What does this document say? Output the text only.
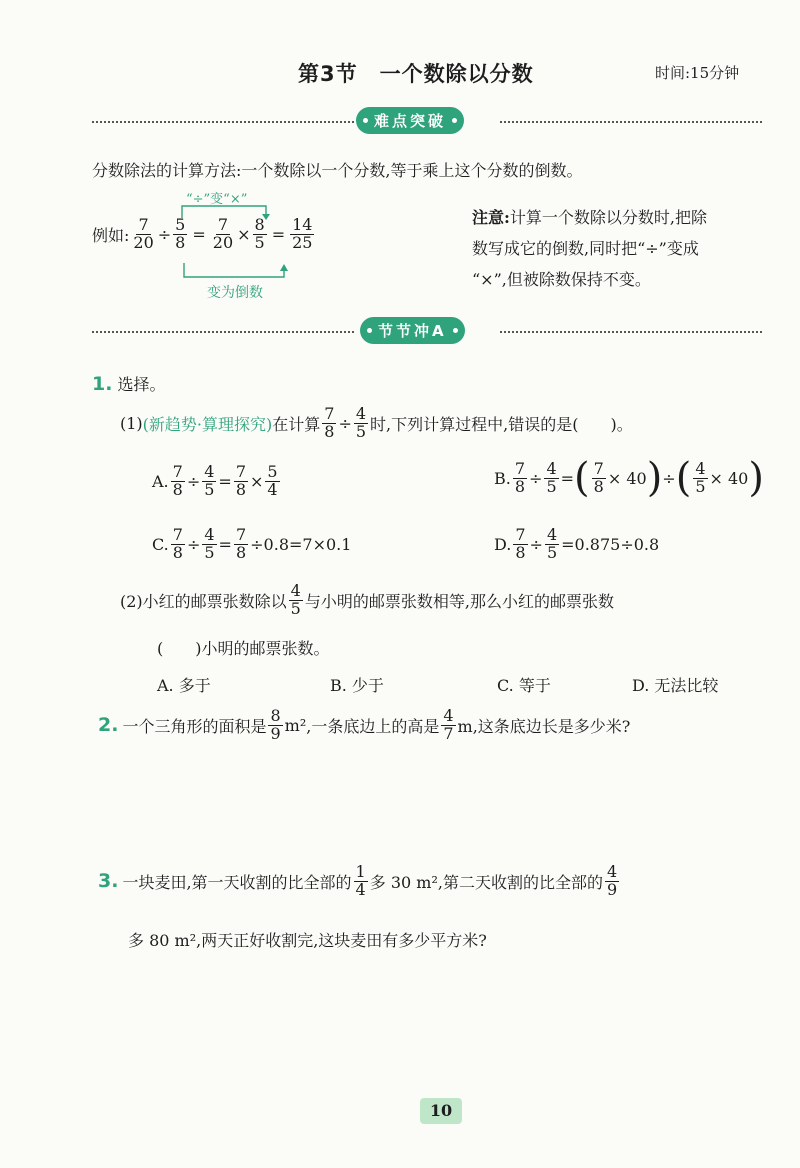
第3节　一个数除以分数	时间:15分钟
难点突破
分数除法的计算方法:一个数除以一个分数,等于乘上这个分数的倒数。
“÷”变“×”
例如: $\frac{7}{20} \div \frac{5}{8} = \frac{7}{20} \times \frac{8}{5} = \frac{14}{25}$
变为倒数
注意:计算一个数除以分数时,把除
数写成它的倒数,同时把“÷”变成
“×”,但被除数保持不变。
节节冲A
1. 选择。
(1) (新趋势·算理探究) 在计算 $\frac{7}{8} \div \frac{4}{5}$ 时,下列计算过程中,错误的是(　　)。
A. $\frac{7}{8} \div \frac{4}{5} = \frac{7}{8} \times \frac{5}{4}$	B. $\frac{7}{8} \div \frac{4}{5}$ = ( $\frac{7}{8} \times 40$ ) ÷ ( $\frac{4}{5} \times 40$ )
C. $\frac{7}{8} \div \frac{4}{5} = \frac{7}{8} \div 0.8=7\times 0.1$	D. $\frac{7}{8} \div \frac{4}{5} =0.875\div 0.8$
(2)小红的邮票张数除以 $\frac{4}{5}$ 与小明的邮票张数相等,那么小红的邮票张数
(　　)小明的邮票张数。
A. 多于	B. 少于	C. 等于	D. 无法比较
2. 一个三角形的面积是 $\frac{8}{9} m^2$ ,一条底边上的高是 $\frac{4}{7} m$,这条底边长是多少米?
3. 一块麦田,第一天收割的比全部的 $\frac{1}{4}$ 多 30 m²,第二天收割的比全部的 $\frac{4}{9}$
多 80 m²,两天正好收割完,这块麦田有多少平方米?
10
